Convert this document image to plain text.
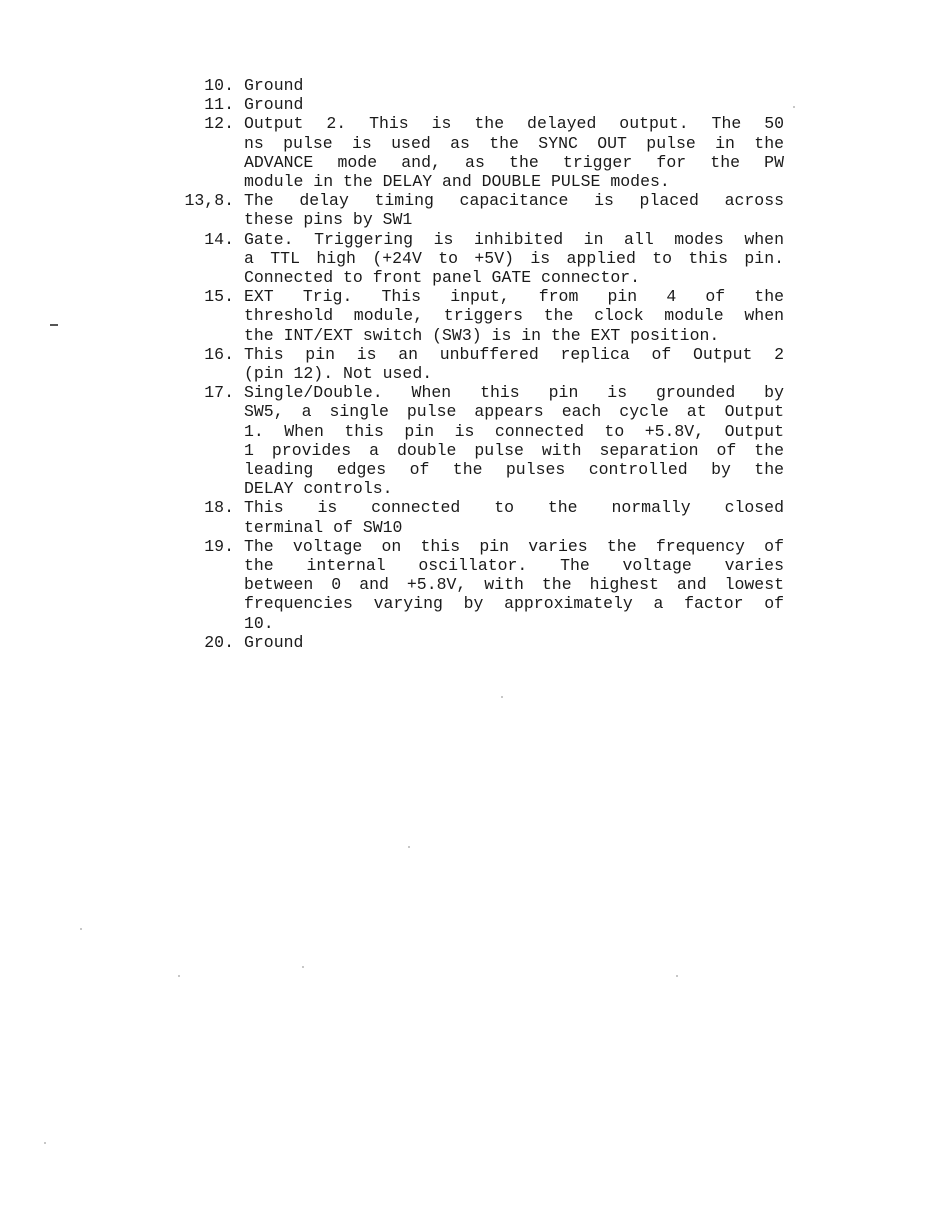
10. Ground
11. Ground
12. Output 2. This is the delayed output. The 50
ns pulse is used as the SYNC OUT pulse in the
ADVANCE mode and, as the trigger for the PW
module in the DELAY and DOUBLE PULSE modes.
13,8. The delay timing capacitance is placed across
these pins by SW1
14. Gate. Triggering is inhibited in all modes when
a TTL high (+24V to +5V) is applied to this pin.
Connected to front panel GATE connector.
15. EXT Trig. This input, from pin 4 of the
threshold module, triggers the clock module when
the INT/EXT switch (SW3) is in the EXT position.
16. This pin is an unbuffered replica of Output 2
(pin 12). Not used.
17. Single/Double. When this pin is grounded by
SW5, a single pulse appears each cycle at Output
1. When this pin is connected to +5.8V, Output
1 provides a double pulse with separation of the
leading edges of the pulses controlled by the
DELAY controls.
18. This is connected to the normally closed
terminal of SW10
19. The voltage on this pin varies the frequency of
the internal oscillator. The voltage varies
between 0 and +5.8V, with the highest and lowest
frequencies varying by approximately a factor of
10.
20. Ground
